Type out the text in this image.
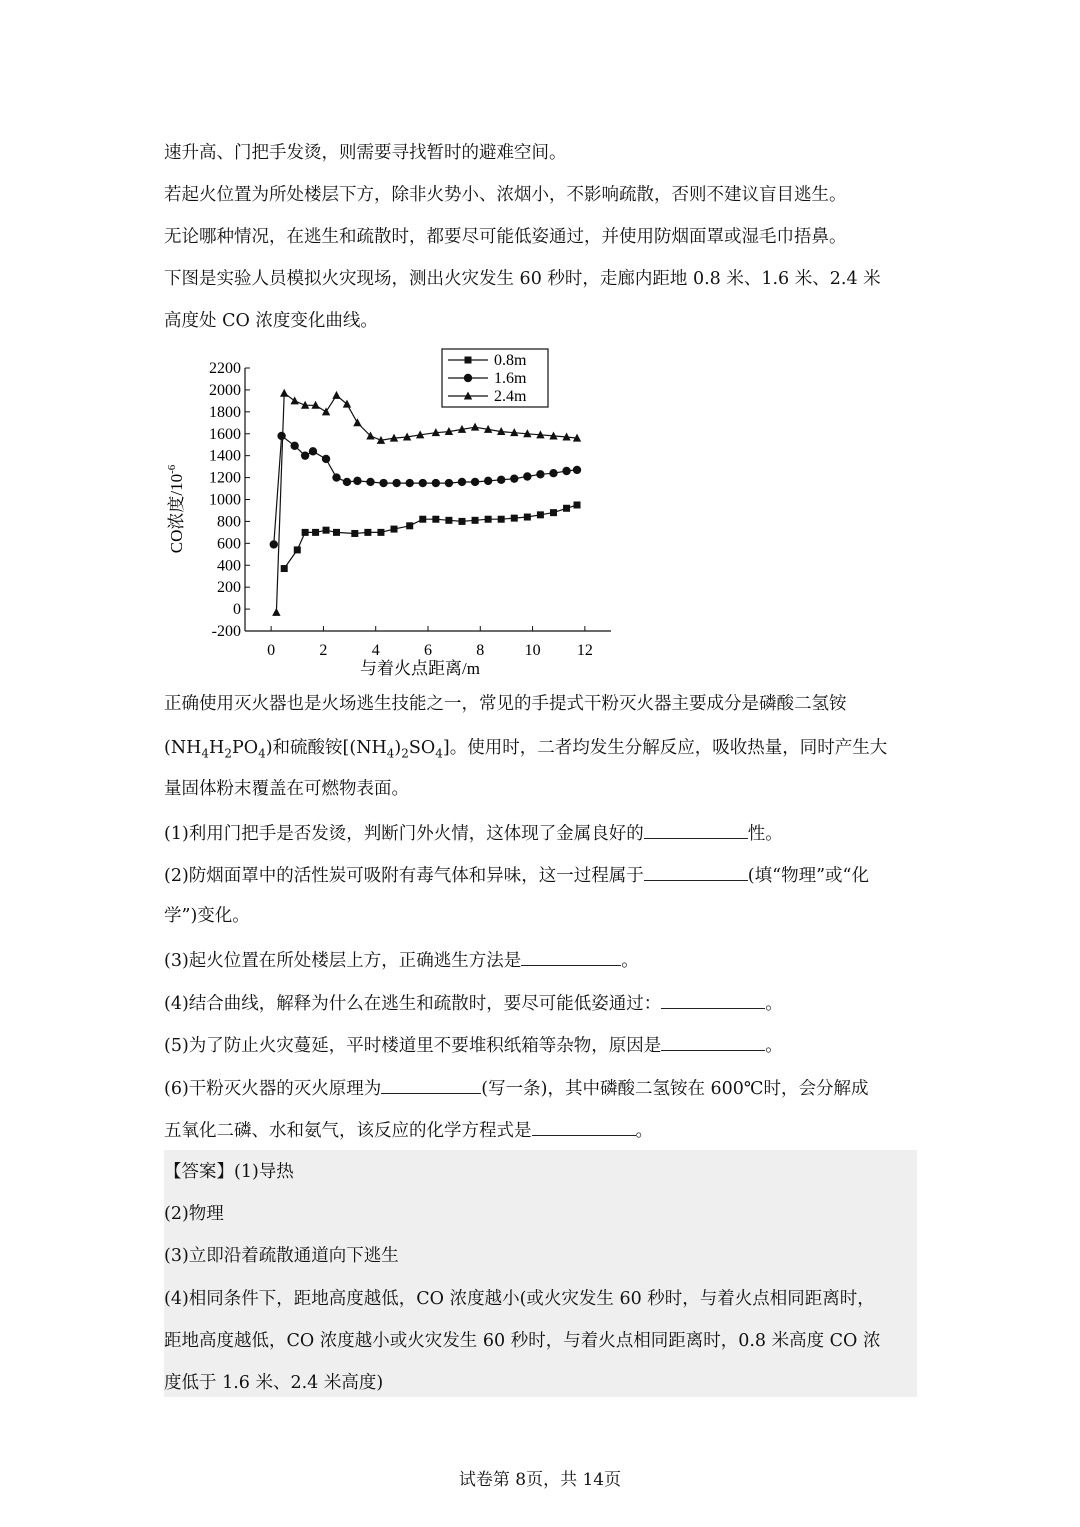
速升高、门把手发烫，则需要寻找暂时的避难空间。
若起火位置为所处楼层下方，除非火势小、浓烟小，不影响疏散，否则不建议盲目逃生。
无论哪种情况，在逃生和疏散时，都要尽可能低姿通过，并使用防烟面罩或湿毛巾捂鼻。
下图是实验人员模拟火灾现场，测出火灾发生 60 秒时，走廊内距地 0.8 米、1.6 米、2.4 米
高度处 CO 浓度变化曲线。
-200
0
200
400
600
800
1000
1200
1400
1600
1800
2000
2200
0	2	4	6	8	10 12
0.8m
1.6m
2.4m
与着火点距离/m
CO浓度$/10^{-6}$
正确使用灭火器也是火场逃生技能之一，常见的手提式干粉灭火器主要成分是磷酸二氢铵
$(NH_4H_2PO_4)$和硫酸铵$[(NH_4)_2SO_4]$。使用时，二者均发生分解反应，吸收热量，同时产生大
量固体粉末覆盖在可燃物表面。
(1)利用门把手是否发烫，判断门外火情，这体现了金属良好的	性。
(2)防烟面罩中的活性炭可吸附有毒气体和异味，这一过程属于	(填“物理”或“化
学”)变化。
(3)起火位置在所处楼层上方，正确逃生方法是	。
(4)结合曲线，解释为什么在逃生和疏散时，要尽可能低姿通过：	。
(5)为了防止火灾蔓延，平时楼道里不要堆积纸箱等杂物，原因是	。
(6)干粉灭火器的灭火原理为	(写一条)，其中磷酸二氢铵在 600℃时，会分解成
五氧化二磷、水和氨气，该反应的化学方程式是	。
【答案】(1)导热
(2)物理
(3)立即沿着疏散通道向下逃生
(4)相同条件下，距地高度越低，CO 浓度越小(或火灾发生 60 秒时，与着火点相同距离时，
距地高度越低，CO 浓度越小或火灾发生 60 秒时，与着火点相同距离时，0.8 米高度 CO 浓
度低于 1.6 米、2.4 米高度)
试卷第 8页，共 14页
